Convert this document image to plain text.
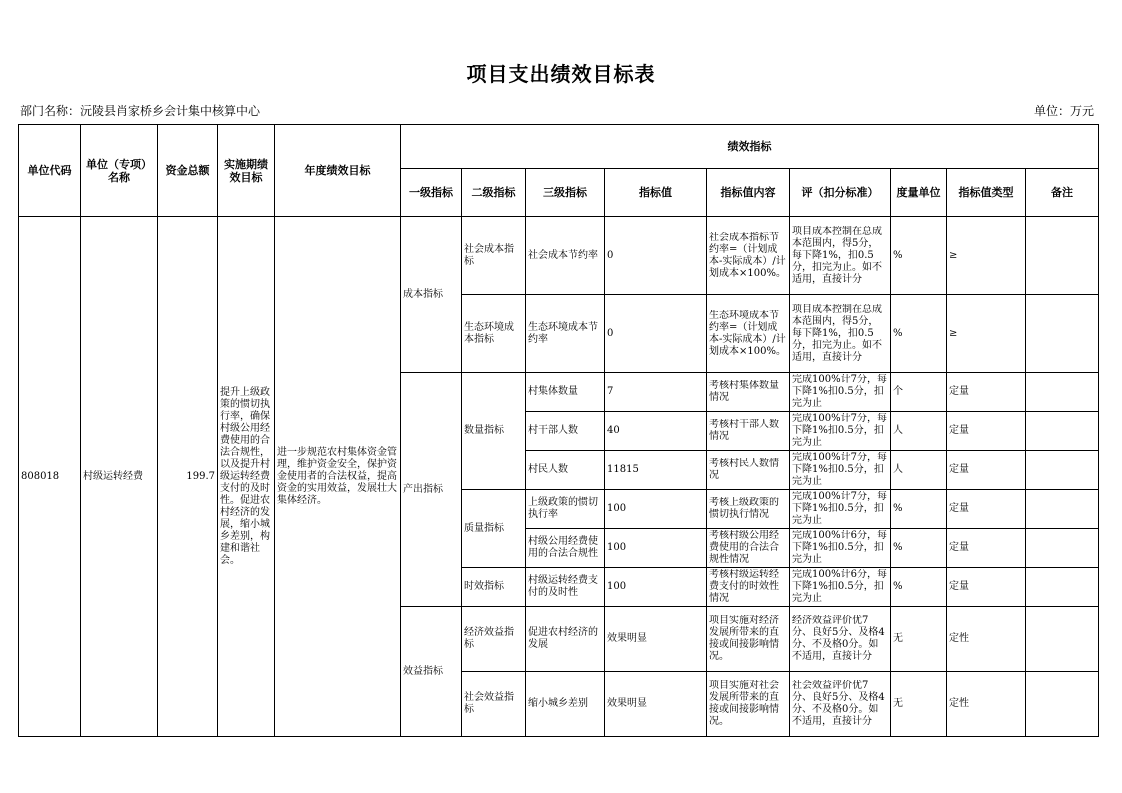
项目支出绩效目标表
部门名称：沅陵县肖家桥乡会计集中核算中心	单位：万元
单位代码	单位（专项）名称	资金总额	实施期绩效目标	年度绩效目标	绩效指标								
					一级指标	二级指标	三级指标	指标值	指标值内容	评（扣分标准）	度量单位	指标值类型	备注
808018	村级运转经费	199.7	提升上级政策的惯切执行率，确保村级公用经费使用的合法合规性，以及提升村级运转经费支付的及时性。促进农村经济的发展，缩小城乡差别，构建和谐社会。	进一步规范农村集体资金管理，维护资金安全，保护资金使用者的合法权益，提高资金的实用效益，发展壮大集体经济。	成本指标	社会成本指标	社会成本节约率	0	社会成本指标节约率=（计划成本-实际成本）/计划成本×100%。	项目成本控制在总成本范围内，得5分，每下降1%，扣0.5分，扣完为止。如不适用，直接计分	%	≥	
						生态环境成本指标	生态环境成本节约率	0	生态环境成本节约率=（计划成本-实际成本）/计划成本×100%。	项目成本控制在总成本范围内，得5分，每下降1%，扣0.5分，扣完为止。如不适用，直接计分	%	≥	
					产出指标	数量指标	村集体数量	7	考核村集体数量情况	完成100%计7分，每下降1%扣0.5分，扣完为止	个	定量	
							村干部人数	40	考核村干部人数情况	完成100%计7分，每下降1%扣0.5分，扣完为止	人	定量	
							村民人数	11815	考核村民人数情况	完成100%计7分，每下降1%扣0.5分，扣完为止	人	定量	
						质量指标	上级政策的惯切执行率	100	考核上级政策的惯切执行情况	完成100%计7分，每下降1%扣0.5分，扣完为止	%	定量	
							村级公用经费使用的合法合规性	100	考核村级公用经费使用的合法合规性情况	完成100%计6分，每下降1%扣0.5分，扣完为止	%	定量	
						时效指标	村级运转经费支付的及时性	100	考核村级运转经费支付的时效性情况	完成100%计6分，每下降1%扣0.5分，扣完为止	%	定量	
					效益指标	经济效益指标	促进农村经济的发展	效果明显	项目实施对经济发展所带来的直接或间接影响情况。	经济效益评价优7分、良好5分、及格4分、不及格0分。如不适用，直接计分	无	定性	
						社会效益指标	缩小城乡差别	效果明显	项目实施对社会发展所带来的直接或间接影响情况。	社会效益评价优7分、良好5分、及格4分、不及格0分。如不适用，直接计分	无	定性	
